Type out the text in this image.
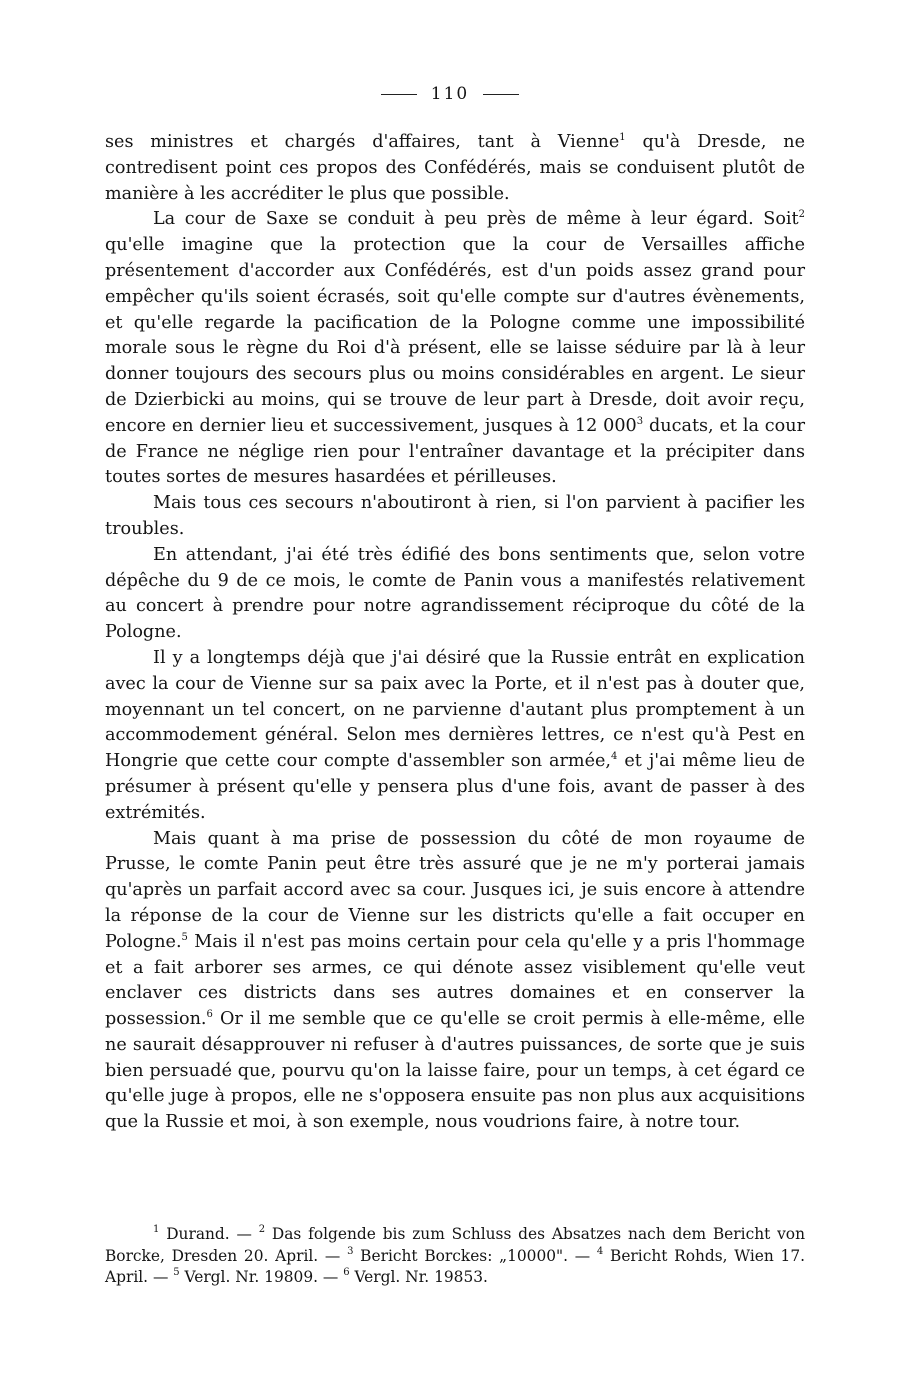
110

ses ministres et chargés d'affaires, tant à Vienne$^1$ qu'à Dresde, ne contredisent point ces propos des Confédérés, mais se conduisent plutôt de manière à les accréditer le plus que possible.

La cour de Saxe se conduit à peu près de même à leur égard. Soit$^2$ qu'elle imagine que la protection que la cour de Versailles affiche présentement d'accorder aux Confédérés, est d'un poids assez grand pour empêcher qu'ils soient écrasés, soit qu'elle compte sur d'autres évènements, et qu'elle regarde la pacification de la Pologne comme une impossibilité morale sous le règne du Roi d'à présent, elle se laisse séduire par là à leur donner toujours des secours plus ou moins considérables en argent. Le sieur de Dzierbicki au moins, qui se trouve de leur part à Dresde, doit avoir reçu, encore en dernier lieu et successivement, jusques à 12 $000^3$ ducats, et la cour de France ne néglige rien pour l'entraîner davantage et la précipiter dans toutes sortes de mesures hasardées et périlleuses.

Mais tous ces secours n'aboutiront à rien, si l'on parvient à pacifier les troubles.

En attendant, j'ai été très édifié des bons sentiments que, selon votre dépêche du 9 de ce mois, le comte de Panin vous a manifestés relativement au concert à prendre pour notre agrandissement réciproque du côté de la Pologne.

Il y a longtemps déjà que j'ai désiré que la Russie entrât en explication avec la cour de Vienne sur sa paix avec la Porte, et il n'est pas à douter que, moyennant un tel concert, on ne parvienne d'autant plus promptement à un accommodement général. Selon mes dernières lettres, ce n'est qu'à Pest en Hongrie que cette cour compte d'assembler son armée,$^4$ et j'ai même lieu de présumer à présent qu'elle y pensera plus d'une fois, avant de passer à des extrémités.

Mais quant à ma prise de possession du côté de mon royaume de Prusse, le comte Panin peut être très assuré que je ne m'y porterai jamais qu'après un parfait accord avec sa cour. Jusques ici, je suis encore à attendre la réponse de la cour de Vienne sur les districts qu'elle a fait occuper en Pologne.$^5$ Mais il n'est pas moins certain pour cela qu'elle y a pris l'hommage et a fait arborer ses armes, ce qui dénote assez visiblement qu'elle veut enclaver ces districts dans ses autres domaines et en conserver la possession.$^6$ Or il me semble que ce qu'elle se croit permis à elle-même, elle ne saurait désapprouver ni refuser à d'autres puissances, de sorte que je suis bien persuadé que, pourvu qu'on la laisse faire, pour un temps, à cet égard ce qu'elle juge à propos, elle ne s'opposera ensuite pas non plus aux acquisitions que la Russie et moi, à son exemple, nous voudrions faire, à notre tour.

$^1$ Durand. — $^2$ Das folgende bis zum Schluss des Absatzes nach dem Bericht von Borcke, Dresden 20. April. — $^3$ Bericht Borckes: „10000". — $^4$ Bericht Rohds, Wien 17. April. — $^5$ Vergl. Nr. 19809. — $^6$ Vergl. Nr. 19853.
